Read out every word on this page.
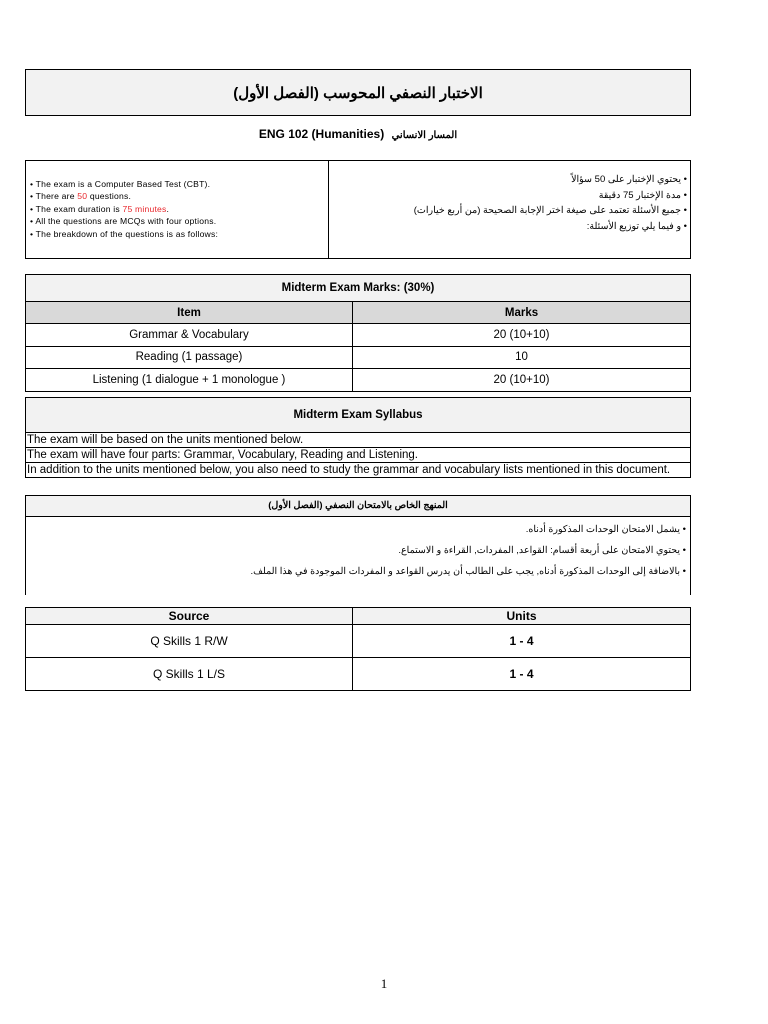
الاختبار النصفي المحوسب (الفصل الأول)
ENG 102 (Humanities) المسار الانساني
• The exam is a Computer Based Test (CBT).
• There are 50 questions.
• The exam duration is 75 minutes.
• All the questions are MCQs with four options.
• The breakdown of the questions is as follows:
• يحتوي الإختبار على 50 سؤالاً
• مدة الإختبار 75 دقيقة
• جميع الأسئلة تعتمد على صيغة اختر الإجابة الصحيحة (من أربع خيارات)
• و فيما يلي توزيع الأسئلة:
Midterm Exam Marks: (30%)	
Item	Marks
Grammar & Vocabulary	20 (10+10)
Reading (1 passage)	10
Listening (1 dialogue + 1 monologue )	20 (10+10)
Midterm Exam Syllabus
The exam will be based on the units mentioned below.
The exam will have four parts: Grammar, Vocabulary, Reading and Listening.
In addition to the units mentioned below, you also need to study the grammar and vocabulary lists mentioned in this document.
المنهج الخاص بالامتحان النصفي (الفصل الأول)
• يشمل الامتحان الوحدات المذكورة أدناه.
• يحتوي الامتحان على أربعة أقسام: القواعد, المفردات, القراءة و الاستماع.
• بالاضافة إلى الوحدات المذكورة أدناه, يجب على الطالب أن يدرس القواعد و المفردات الموجودة في هذا الملف.
Source	Units
Q Skills 1 R/W	1 - 4
Q Skills 1 L/S	1 - 4
1
